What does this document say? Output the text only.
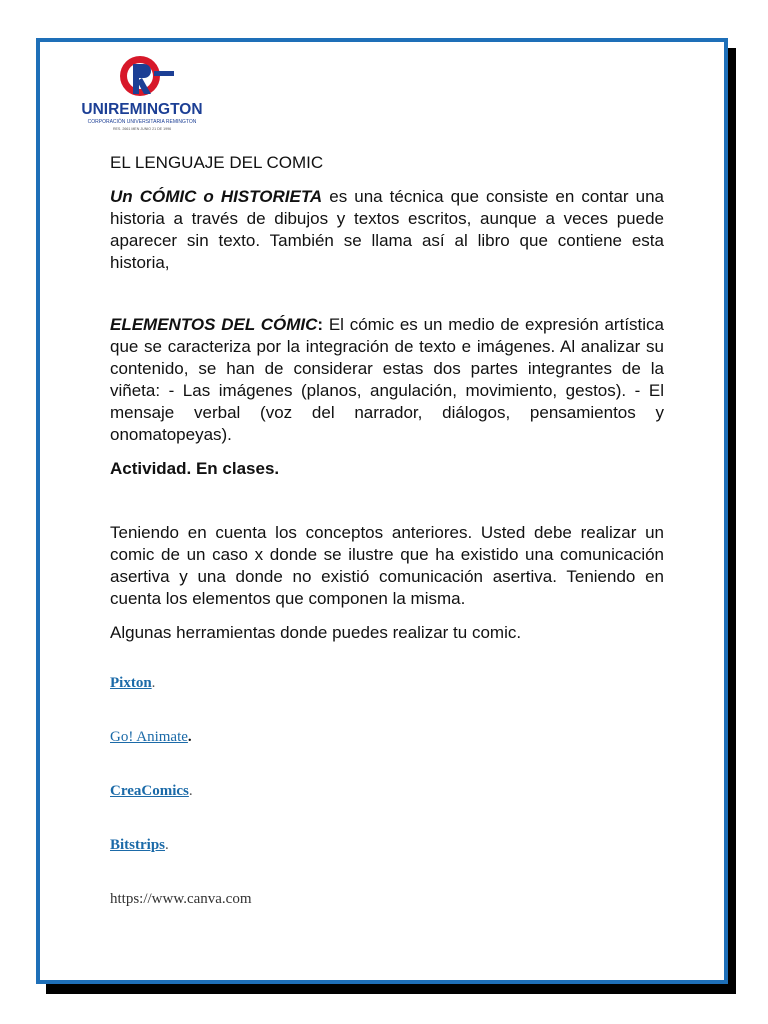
UNIREMINGTON
CORPORACIÓN UNIVERSITARIA REMINGTON
RES. 2661 MEN JUNIO 21 DE 1996
EL LENGUAJE DEL COMIC

Un CÓMIC o HISTORIETA es una técnica que consiste en contar una historia a través de dibujos y textos escritos, aunque a veces puede aparecer sin texto. También se llama así al libro que contiene esta historia,

ELEMENTOS DEL CÓMIC: El cómic es un medio de expresión artística que se caracteriza por la integración de texto e imágenes. Al analizar su contenido, se han de considerar estas dos partes integrantes de la viñeta: - Las imágenes (planos, angulación, movimiento, gestos). - El mensaje verbal (voz del narrador, diálogos, pensamientos y onomatopeyas).

Actividad. En clases.

Teniendo en cuenta los conceptos anteriores. Usted debe realizar un comic de un caso x donde se ilustre que ha existido una comunicación asertiva y una donde no existió comunicación asertiva. Teniendo en cuenta los elementos que componen la misma.

Algunas herramientas donde puedes realizar tu comic.

Pixton.
Go! Animate.
CreaComics.
Bitstrips.
https://www.canva.com
